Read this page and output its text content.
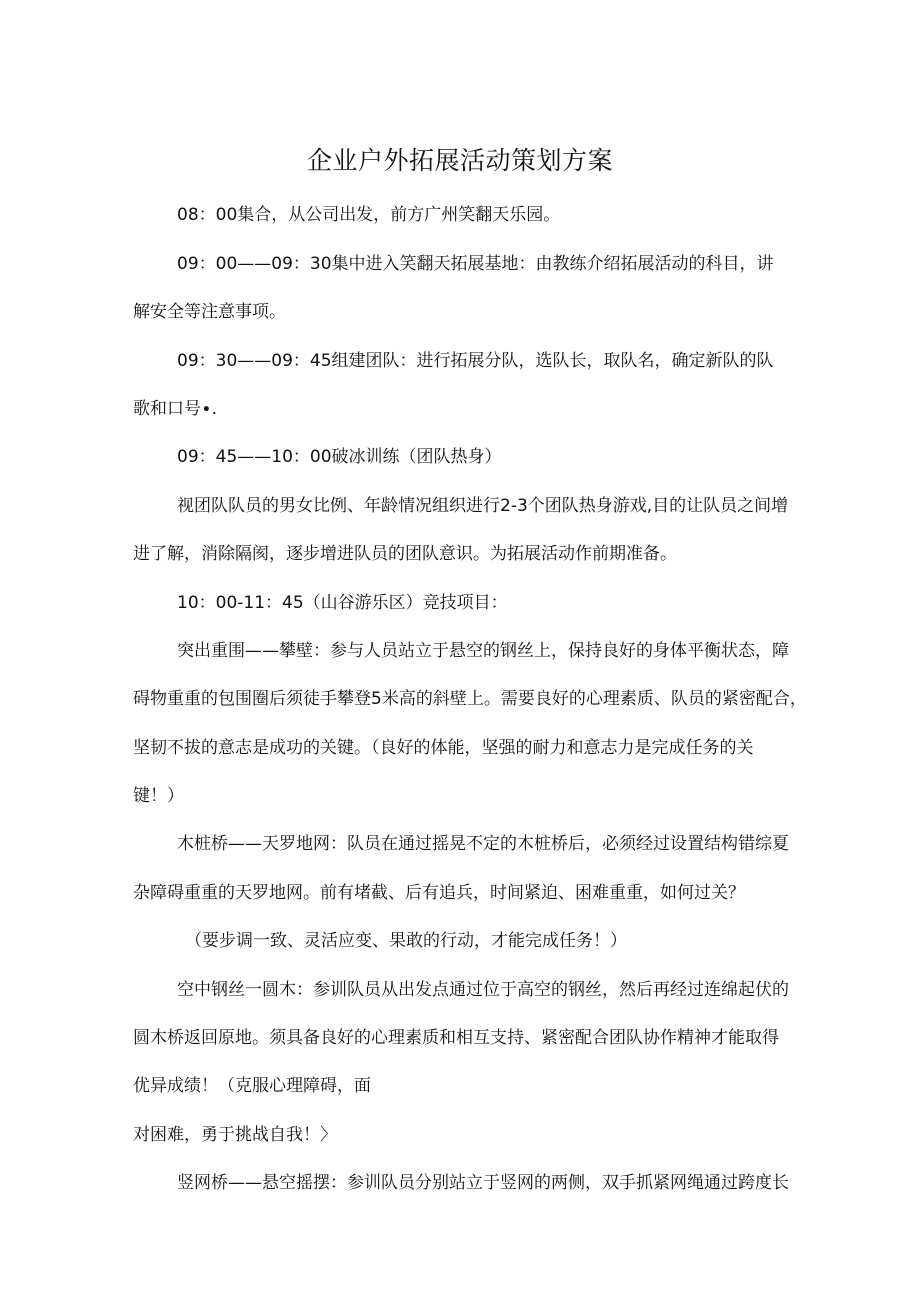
企业户外拓展活动策划方案
08：00集合，从公司出发，前方广州笑翻天乐园。
09：00——09：30集中进入笑翻天拓展基地：由教练介绍拓展活动的科目，讲
解安全等注意事项。
09：30——09：45组建团队：进行拓展分队，选队长，取队名，确定新队的队
歌和口号∙.
09：45——10：00破冰训练（团队热身）
视团队队员的男女比例、年龄情况组织进行2-3个团队热身游戏,目的让队员之间增
进了解，消除隔阂，逐步增进队员的团队意识。为拓展活动作前期准备。
10：00-11：45（山谷游乐区）竞技项目：
突出重围——攀壁：参与人员站立于悬空的钢丝上，保持良好的身体平衡状态，障
碍物重重的包围圈后须徒手攀登5米高的斜壁上。需要良好的心理素质、队员的紧密配合，
坚韧不拔的意志是成功的关键。（良好的体能，坚强的耐力和意志力是完成任务的关
键！）
木桩桥——天罗地网：队员在通过摇晃不定的木桩桥后，必须经过设置结构错综夏
杂障碍重重的天罗地网。前有堵截、后有追兵，时间紧迫、困难重重，如何过关？
（要步调一致、灵活应变、果敢的行动，才能完成任务！）
空中钢丝一圆木：参训队员从出发点通过位于高空的钢丝，然后再经过连绵起伏的
圆木桥返回原地。须具备良好的心理素质和相互支持、紧密配合团队协作精神才能取得
优异成绩！（克服心理障碍，面
对困难，勇于挑战自我！〉
竖网桥——悬空摇摆：参训队员分别站立于竖网的两侧，双手抓紧网绳通过跨度长
